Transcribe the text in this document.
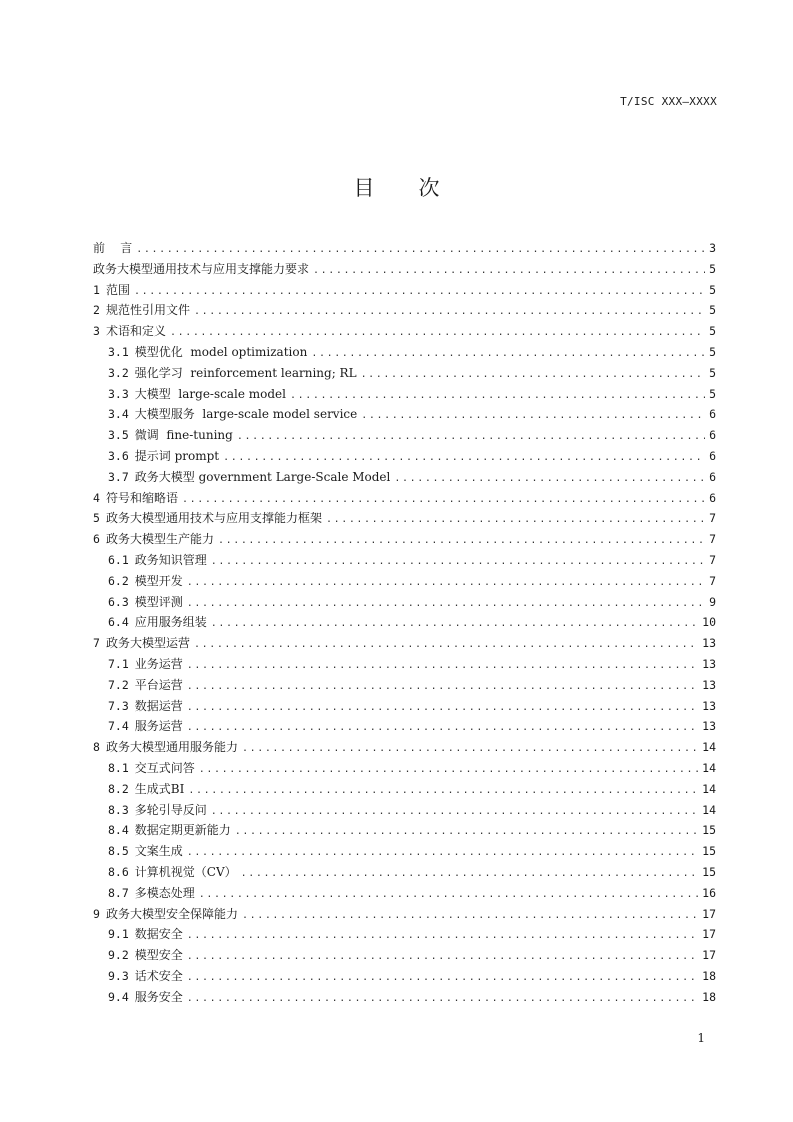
T/ISC XXX—XXXX
目 次
前    言 .....	3
政务大模型通用技术与应用支撑能力要求 .....	5
1 范围 .....	5
2 规范性引用文件 .....	5
3 术语和定义 .....	5
3.1 模型优化  model optimization .....	5
3.2 强化学习  reinforcement learning; RL .....	5
3.3 大模型  large-scale model .....	5
3.4 大模型服务  large-scale model service .....	6
3.5 微调  fine-tuning .....	6
3.6 提示词 prompt .....	6
3.7 政务大模型 government Large-Scale Model .....	6
4 符号和缩略语 .....	6
5 政务大模型通用技术与应用支撑能力框架 .....	7
6 政务大模型生产能力 .....	7
6.1 政务知识管理 .....	7
6.2 模型开发 .....	7
6.3 模型评测 .....	9
6.4 应用服务组装 .....	10
7 政务大模型运营 .....	13
7.1 业务运营 .....	13
7.2 平台运营 .....	13
7.3 数据运营 .....	13
7.4 服务运营 .....	13
8 政务大模型通用服务能力 .....	14
8.1 交互式问答 .....	14
8.2 生成式BI .....	14
8.3 多轮引导反问 .....	14
8.4 数据定期更新能力 .....	15
8.5 文案生成 .....	15
8.6 计算机视觉（CV） .....	15
8.7 多模态处理 .....	16
9 政务大模型安全保障能力 .....	17
9.1 数据安全 .....	17
9.2 模型安全 .....	17
9.3 话术安全 .....	18
9.4 服务安全 .....	18
1
